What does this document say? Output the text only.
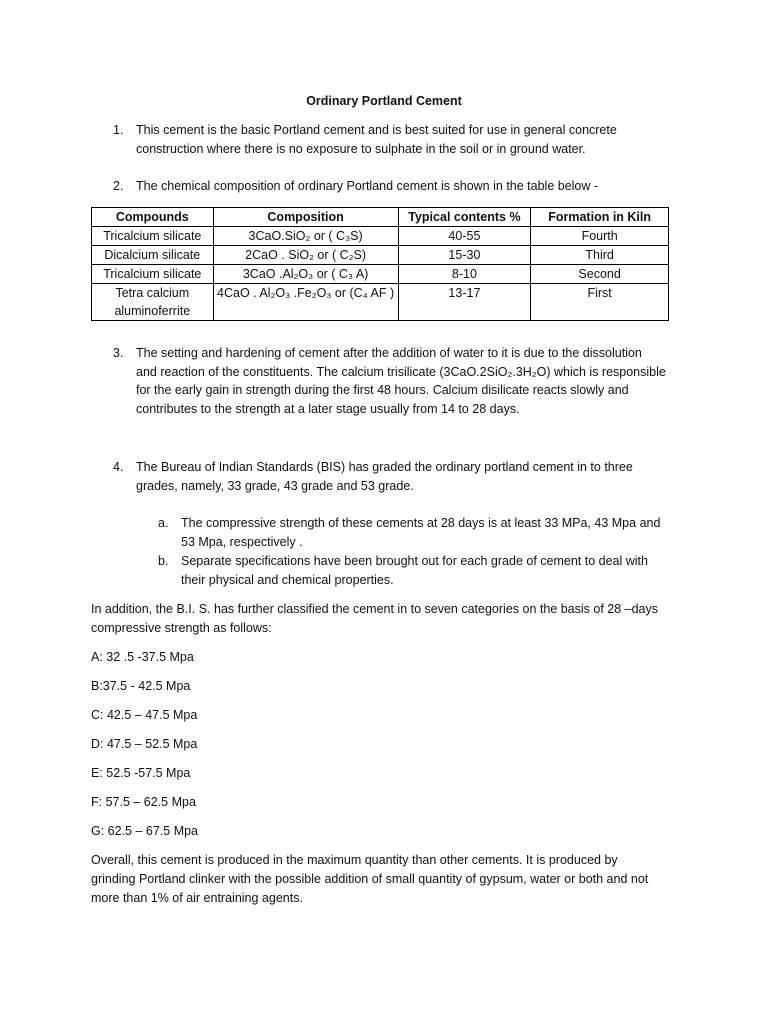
Ordinary Portland Cement
1.	This cement is the basic Portland cement and is best suited for use in general concrete
construction where there is no exposure to sulphate in the soil or in ground water.
2.	The chemical composition of ordinary Portland cement is shown in the table below -
Compounds	Composition	Typical contents %	Formation in Kiln
Tricalcium silicate	3CaO.SiO₂ or ( C₃S)	40-55	Fourth
Dicalcium silicate	2CaO . SiO₂ or ( C₂S)	15-30	Third
Tricalcium silicate	3CaO .Al₂O₃ or ( C₃ A)	8-10	Second
Tetra calcium aluminoferrite	4CaO . Al₂O₃ .Fe₂O₃ or (C₄ AF )	13-17	First
3.	The setting and hardening of cement after the addition of water to it is due to the dissolution
and reaction of the constituents. The calcium trisilicate (3CaO.2SiO₂.3H₂O) which is responsible
for the early gain in strength during the first 48 hours. Calcium disilicate reacts slowly and
contributes to the strength at a later stage usually from 14 to 28 days.
4.	The Bureau of Indian Standards (BIS) has graded the ordinary portland cement in to three
grades, namely, 33 grade, 43 grade and 53 grade.
a.	The compressive strength of these cements at 28 days is at least 33 MPa, 43 Mpa and
53 Mpa, respectively .
b.	Separate specifications have been brought out for each grade of cement to deal with
their physical and chemical properties.
In addition, the B.I. S. has further classified the cement in to seven categories on the basis of 28 –days
compressive strength as follows:
A: 32 .5 -37.5 Mpa
B:37.5 - 42.5 Mpa
C: 42.5 – 47.5 Mpa
D: 47.5 – 52.5 Mpa
E: 52.5 -57.5 Mpa
F: 57.5 – 62.5 Mpa
G: 62.5 – 67.5 Mpa
Overall, this cement is produced in the maximum quantity than other cements. It is produced by
grinding Portland clinker with the possible addition of small quantity of gypsum, water or both and not
more than 1% of air entraining agents.
